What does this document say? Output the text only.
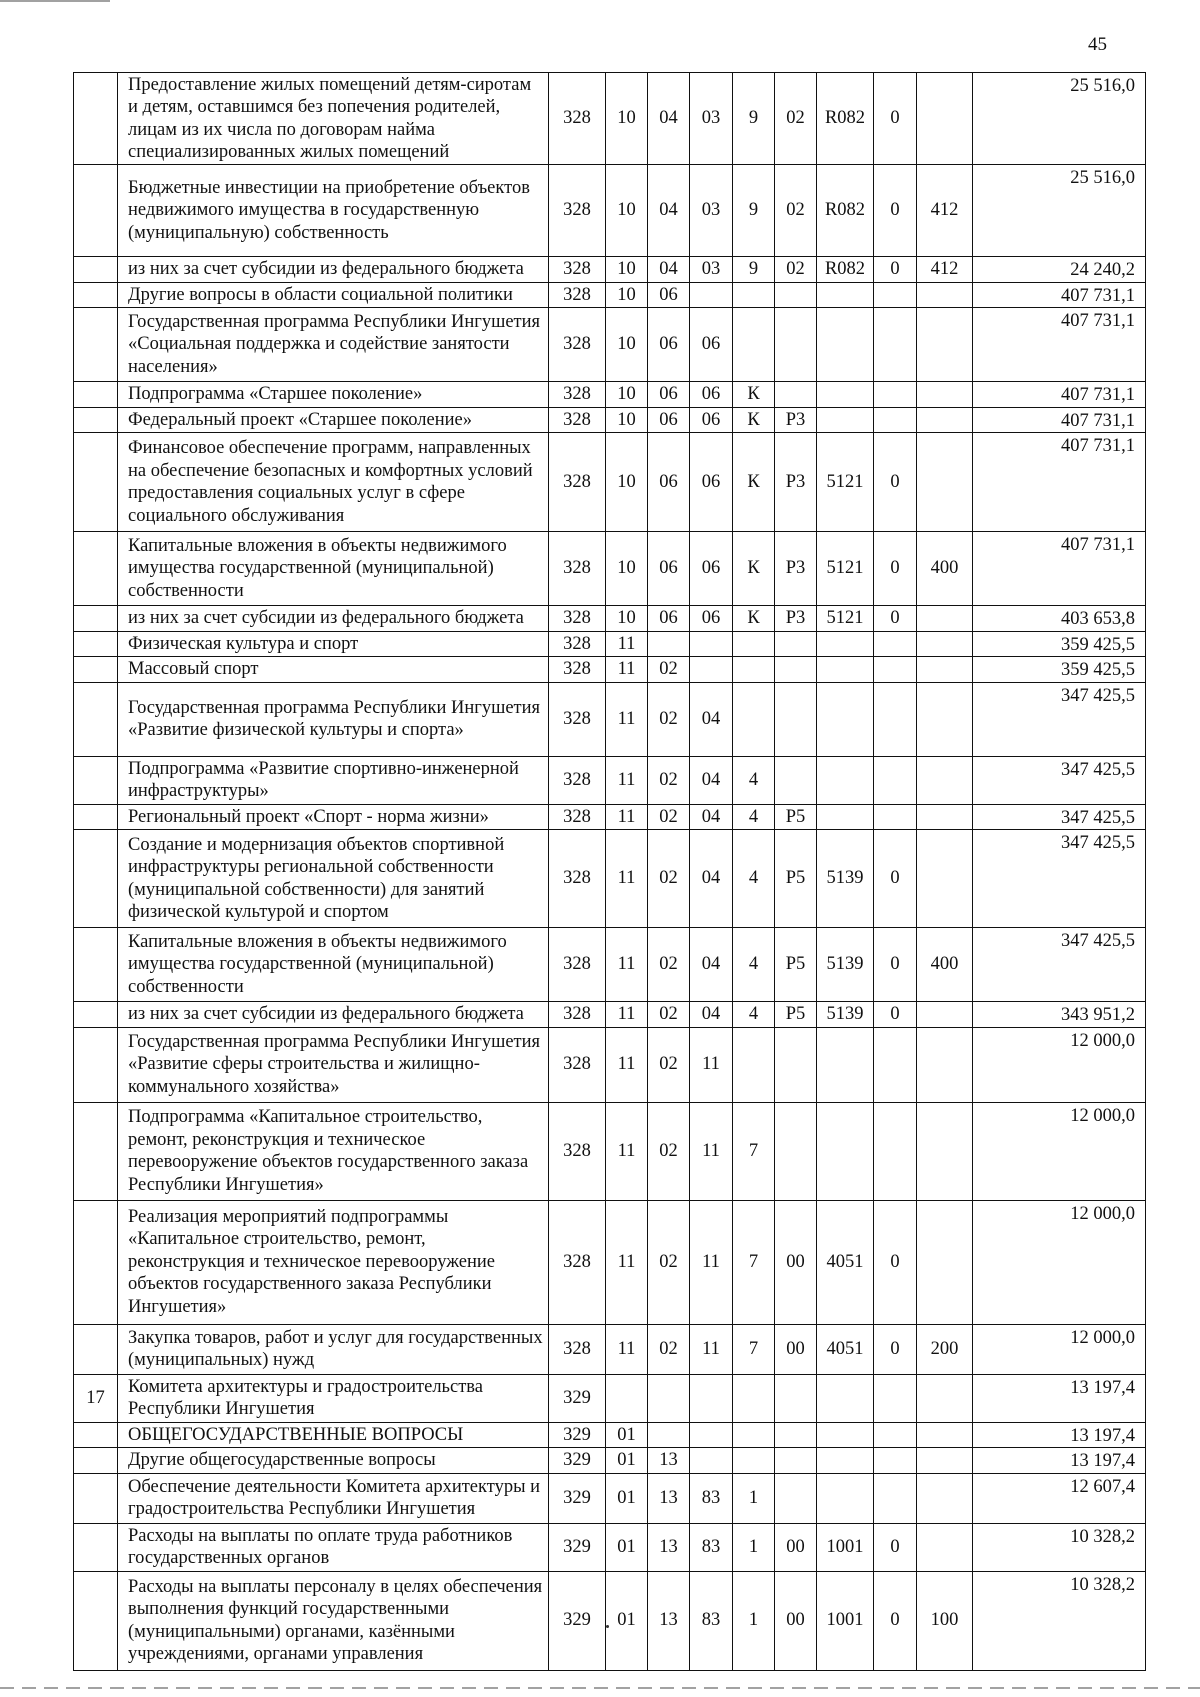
45
	Предоставление жилых помещений детям-сиротам и детям, оставшимся без попечения родителей, лицам из их числа по договорам найма специализированных жилых помещений	328	10	04	03	9	02	R082	0		25 516,0
	Бюджетные инвестиции на приобретение объектов недвижимого имущества в государственную (муниципальную) собственность	328	10	04	03	9	02	R082	0	412	25 516,0
	из них за счет субсидии из федерального бюджета	328	10	04	03	9	02	R082	0	412	24 240,2
	Другие вопросы в области социальной политики	328	10	06							407 731,1
	Государственная программа Республики Ингушетия «Социальная поддержка и содействие занятости населения»	328	10	06	06						407 731,1
	Подпрограмма «Старшее поколение»	328	10	06	06	К					407 731,1
	Федеральный проект «Старшее поколение»	328	10	06	06	К	Р3				407 731,1
	Финансовое обеспечение программ, направленных на обеспечение безопасных и комфортных условий предоставления социальных услуг в сфере социального обслуживания	328	10	06	06	К	Р3	5121	0		407 731,1
	Капитальные вложения в объекты недвижимого имущества государственной (муниципальной) собственности	328	10	06	06	К	Р3	5121	0	400	407 731,1
	из них за счет субсидии из федерального бюджета	328	10	06	06	К	Р3	5121	0		403 653,8
	Физическая культура и спорт	328	11								359 425,5
	Массовый спорт	328	11	02							359 425,5
	Государственная программа Республики Ингушетия «Развитие физической культуры и спорта»	328	11	02	04						347 425,5
	Подпрограмма «Развитие спортивно-инженерной инфраструктуры»	328	11	02	04	4					347 425,5
	Региональный проект «Спорт - норма жизни»	328	11	02	04	4	Р5				347 425,5
	Создание и модернизация объектов спортивной инфраструктуры региональной собственности (муниципальной собственности) для занятий физической культурой и спортом	328	11	02	04	4	Р5	5139	0		347 425,5
	Капитальные вложения в объекты недвижимого имущества государственной (муниципальной) собственности	328	11	02	04	4	Р5	5139	0	400	347 425,5
	из них за счет субсидии из федерального бюджета	328	11	02	04	4	Р5	5139	0		343 951,2
	Государственная программа Республики Ингушетия «Развитие сферы строительства и жилищно-коммунального хозяйства»	328	11	02	11						12 000,0
	Подпрограмма «Капитальное строительство, ремонт, реконструкция и техническое перевооружение объектов государственного заказа Республики Ингушетия»	328	11	02	11	7					12 000,0
	Реализация мероприятий подпрограммы «Капитальное строительство, ремонт, реконструкция и техническое перевооружение объектов государственного заказа Республики Ингушетия»	328	11	02	11	7	00	4051	0		12 000,0
	Закупка товаров, работ и услуг для государственных (муниципальных) нужд	328	11	02	11	7	00	4051	0	200	12 000,0
17	Комитета архитектуры и градостроительства Республики Ингушетия	329									13 197,4
	ОБЩЕГОСУДАРСТВЕННЫЕ ВОПРОСЫ	329	01								13 197,4
	Другие общегосударственные вопросы	329	01	13							13 197,4
	Обеспечение деятельности Комитета архитектуры и градостроительства Республики Ингушетия	329	01	13	83	1					12 607,4
	Расходы на выплаты по оплате труда работников государственных органов	329	01	13	83	1	00	1001	0		10 328,2
	Расходы на выплаты персоналу в целях обеспечения выполнения функций государственными (муниципальными) органами, казёнными учреждениями, органами управления	329	01	13	83	1	00	1001	0	100	10 328,2
